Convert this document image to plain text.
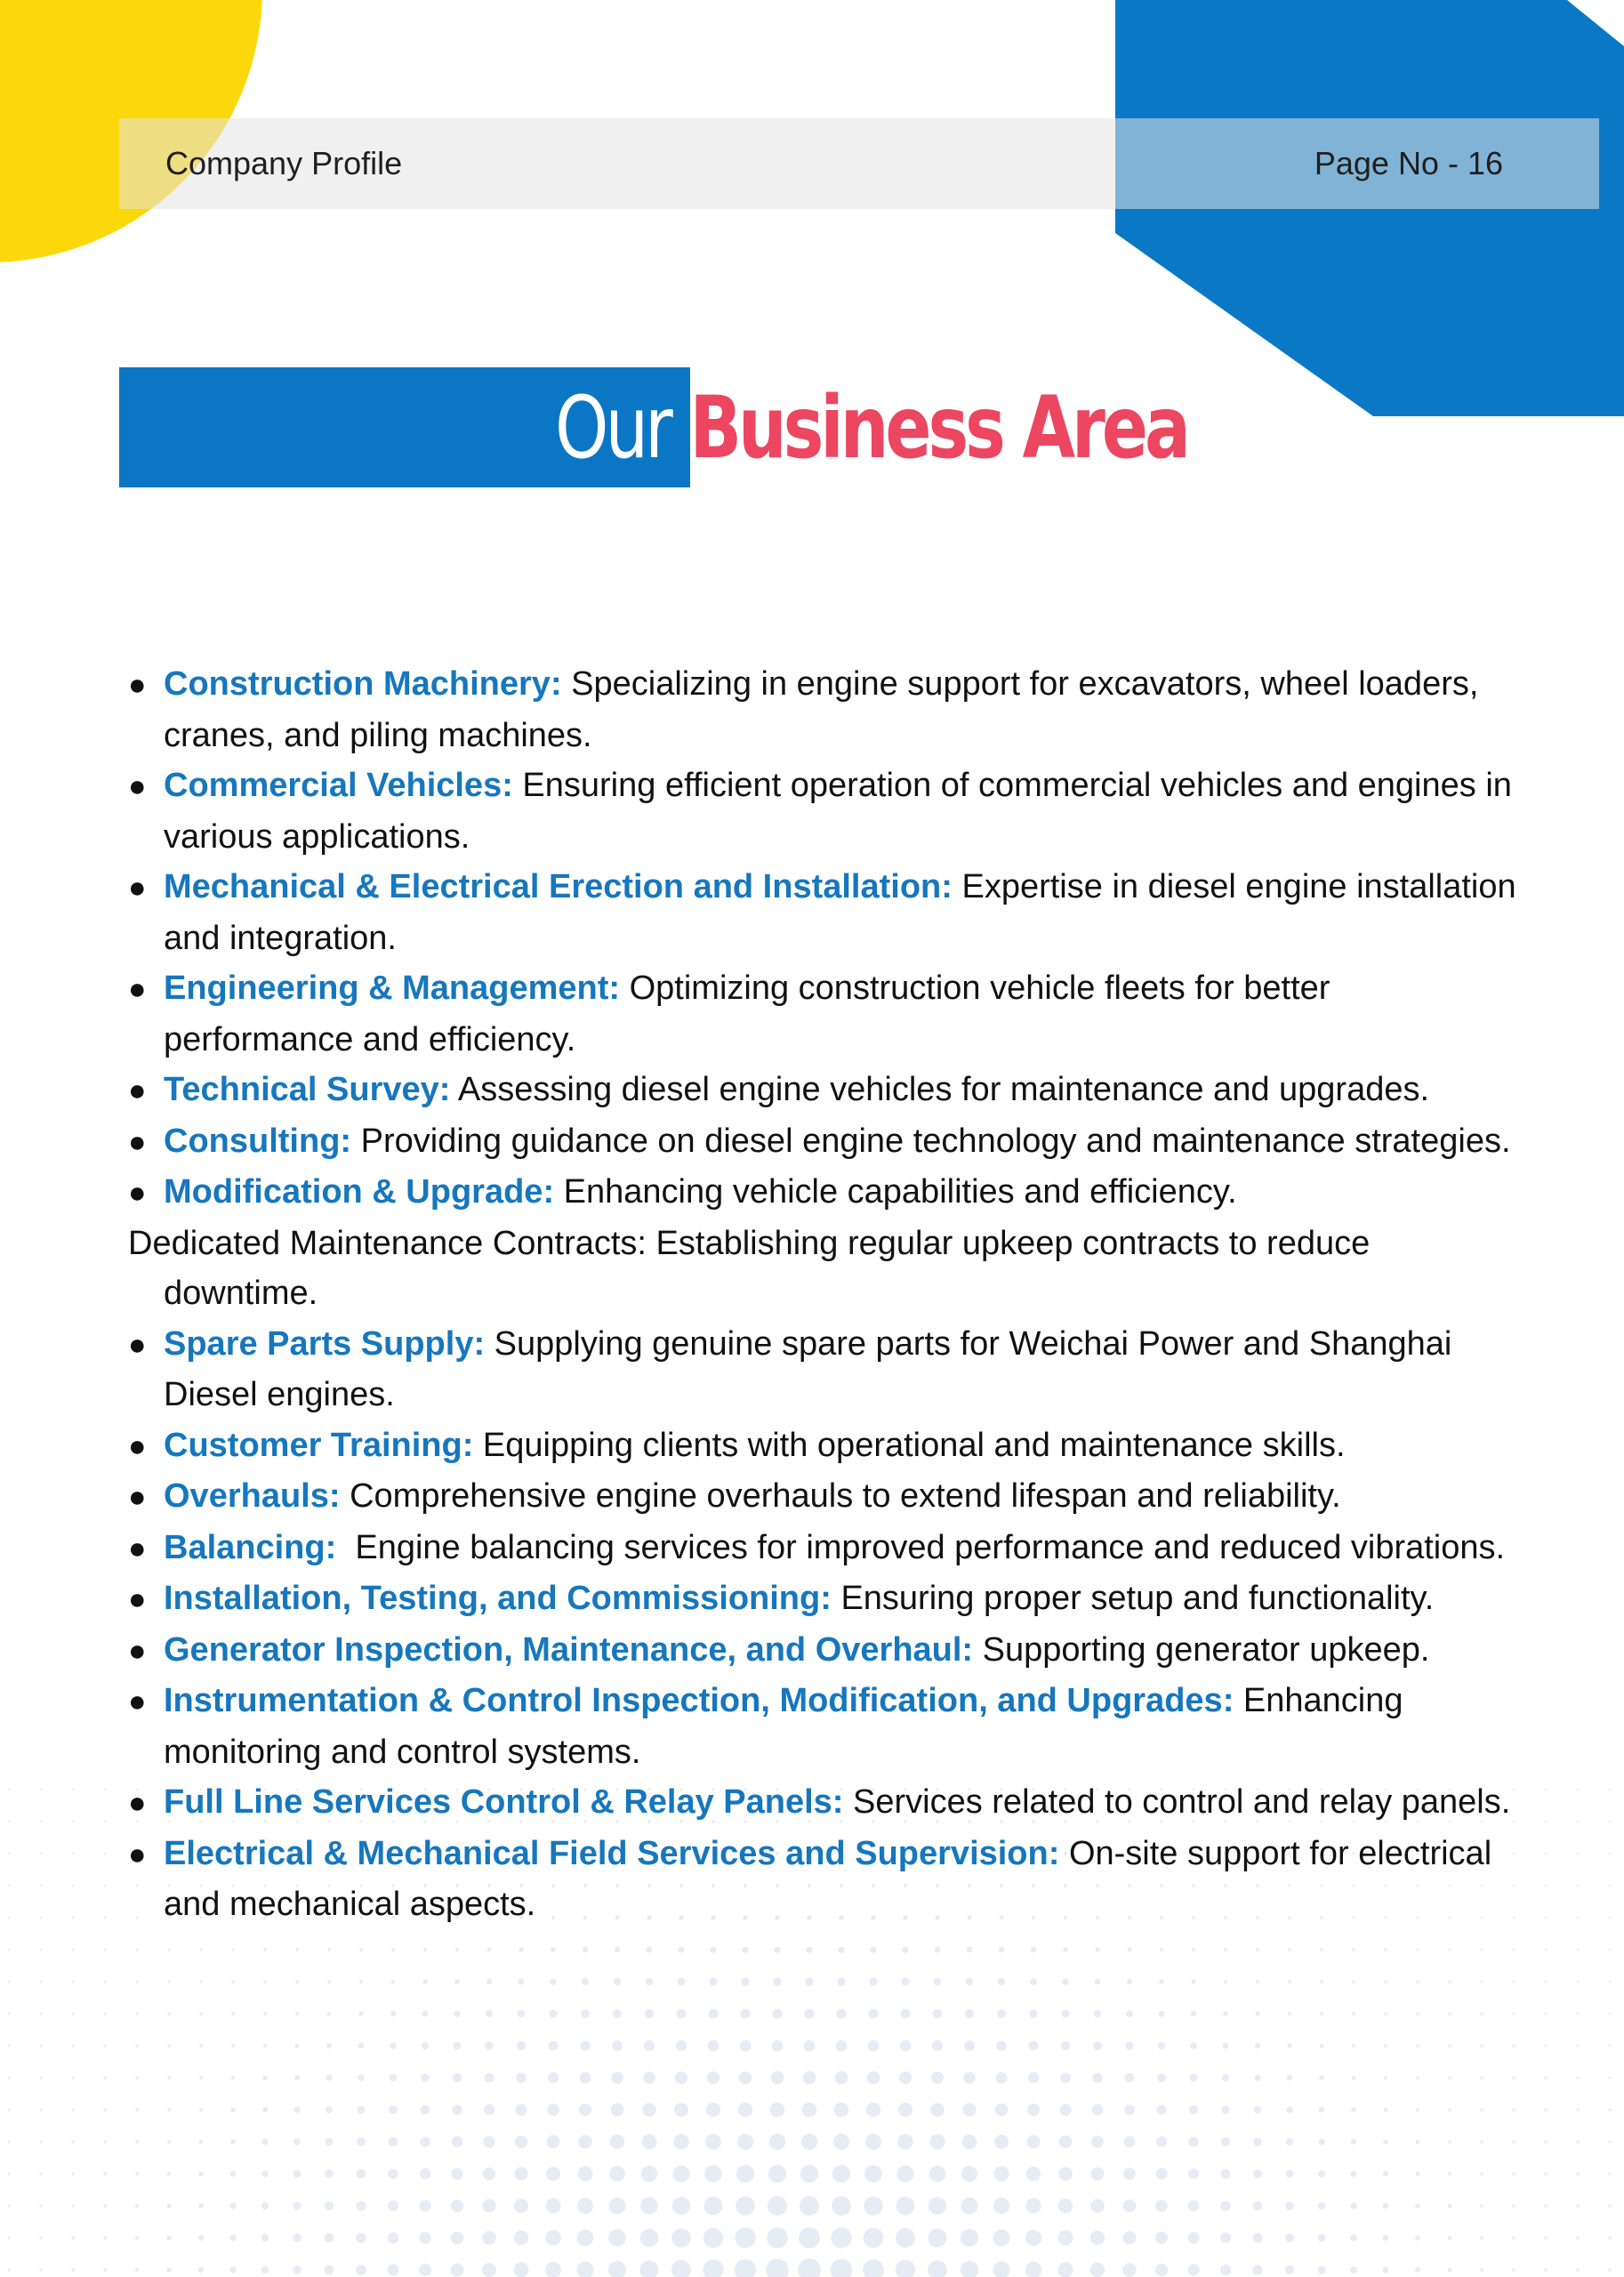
Company Profile	Page No - 16
Our Business Area
● Construction Machinery: Specializing in engine support for excavators, wheel loaders, cranes, and piling machines.
● Commercial Vehicles: Ensuring efficient operation of commercial vehicles and engines in various applications.
● Mechanical & Electrical Erection and Installation: Expertise in diesel engine installation and integration.
● Engineering & Management: Optimizing construction vehicle fleets for better performance and efficiency.
● Technical Survey: Assessing diesel engine vehicles for maintenance and upgrades.
● Consulting: Providing guidance on diesel engine technology and maintenance strategies.
● Modification & Upgrade: Enhancing vehicle capabilities and efficiency.
Dedicated Maintenance Contracts: Establishing regular upkeep contracts to reduce downtime.
● Spare Parts Supply: Supplying genuine spare parts for Weichai Power and Shanghai Diesel engines.
● Customer Training: Equipping clients with operational and maintenance skills.
● Overhauls: Comprehensive engine overhauls to extend lifespan and reliability.
● Balancing:  Engine balancing services for improved performance and reduced vibrations.
● Installation, Testing, and Commissioning: Ensuring proper setup and functionality.
● Generator Inspection, Maintenance, and Overhaul: Supporting generator upkeep.
● Instrumentation & Control Inspection, Modification, and Upgrades: Enhancing monitoring and control systems.
● Full Line Services Control & Relay Panels: Services related to control and relay panels.
● Electrical & Mechanical Field Services and Supervision: On-site support for electrical and mechanical aspects.
